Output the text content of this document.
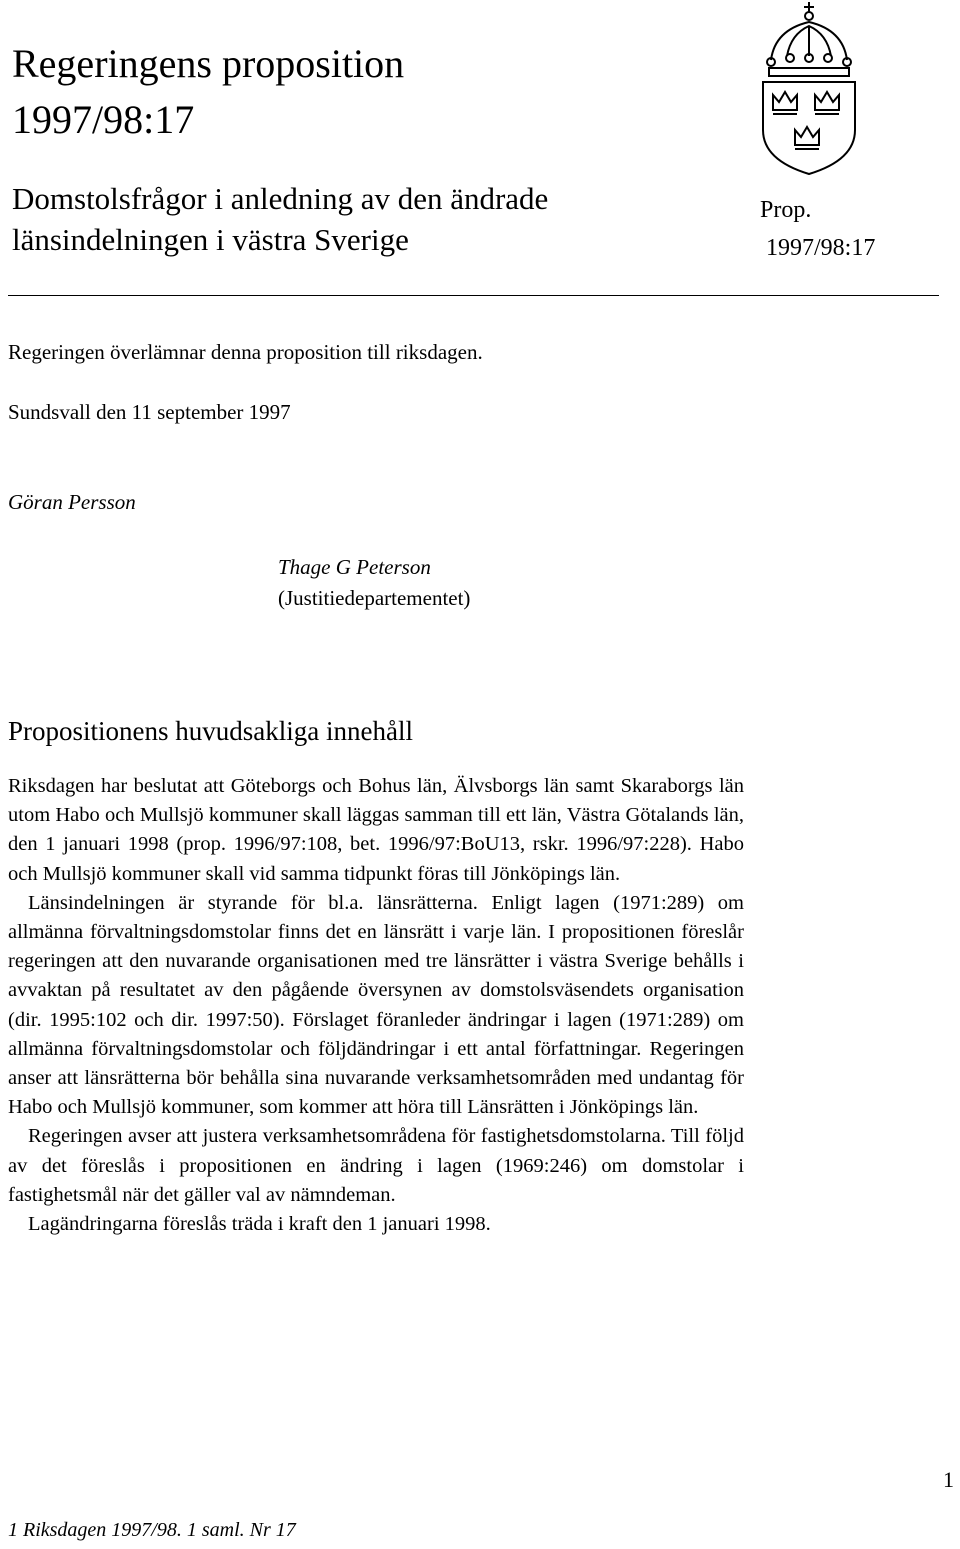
Regeringens proposition
1997/98:17
Domstolsfrågor i anledning av den ändrade
länsindelningen i västra Sverige
Prop.
1997/98:17
Regeringen överlämnar denna proposition till riksdagen.
Sundsvall den 11 september 1997
Göran Persson
Thage G Peterson
(Justitiedepartementet)
Propositionens huvudsakliga innehåll

Riksdagen har beslutat att Göteborgs och Bohus län, Älvsborgs län samt Skaraborgs län utom Habo och Mullsjö kommuner skall läggas samman till ett län, Västra Götalands län, den 1 januari 1998 (prop. 1996/97:108, bet. 1996/97:BoU13, rskr. 1996/97:228). Habo och Mullsjö kommuner skall vid samma tidpunkt föras till Jönköpings län.

Länsindelningen är styrande för bl.a. länsrätterna. Enligt lagen (1971:289) om allmänna förvaltningsdomstolar finns det en länsrätt i varje län. I propositionen föreslår regeringen att den nuvarande organisationen med tre länsrätter i västra Sverige behålls i avvaktan på resultatet av den pågående översynen av domstolsväsendets organisation (dir. 1995:102 och dir. 1997:50). Förslaget föranleder ändringar i lagen (1971:289) om allmänna förvaltningsdomstolar och följdändringar i ett antal författningar. Regeringen anser att länsrätterna bör behålla sina nuvarande verksamhetsområden med undantag för Habo och Mullsjö kommuner, som kommer att höra till Länsrätten i Jönköpings län.

Regeringen avser att justera verksamhetsområdena för fastighetsdomstolarna. Till följd av det föreslås i propositionen en ändring i lagen (1969:246) om domstolar i fastighetsmål när det gäller val av nämndeman.

Lagändringarna föreslås träda i kraft den 1 januari 1998.

1
1 Riksdagen 1997/98. 1 saml. Nr 17
